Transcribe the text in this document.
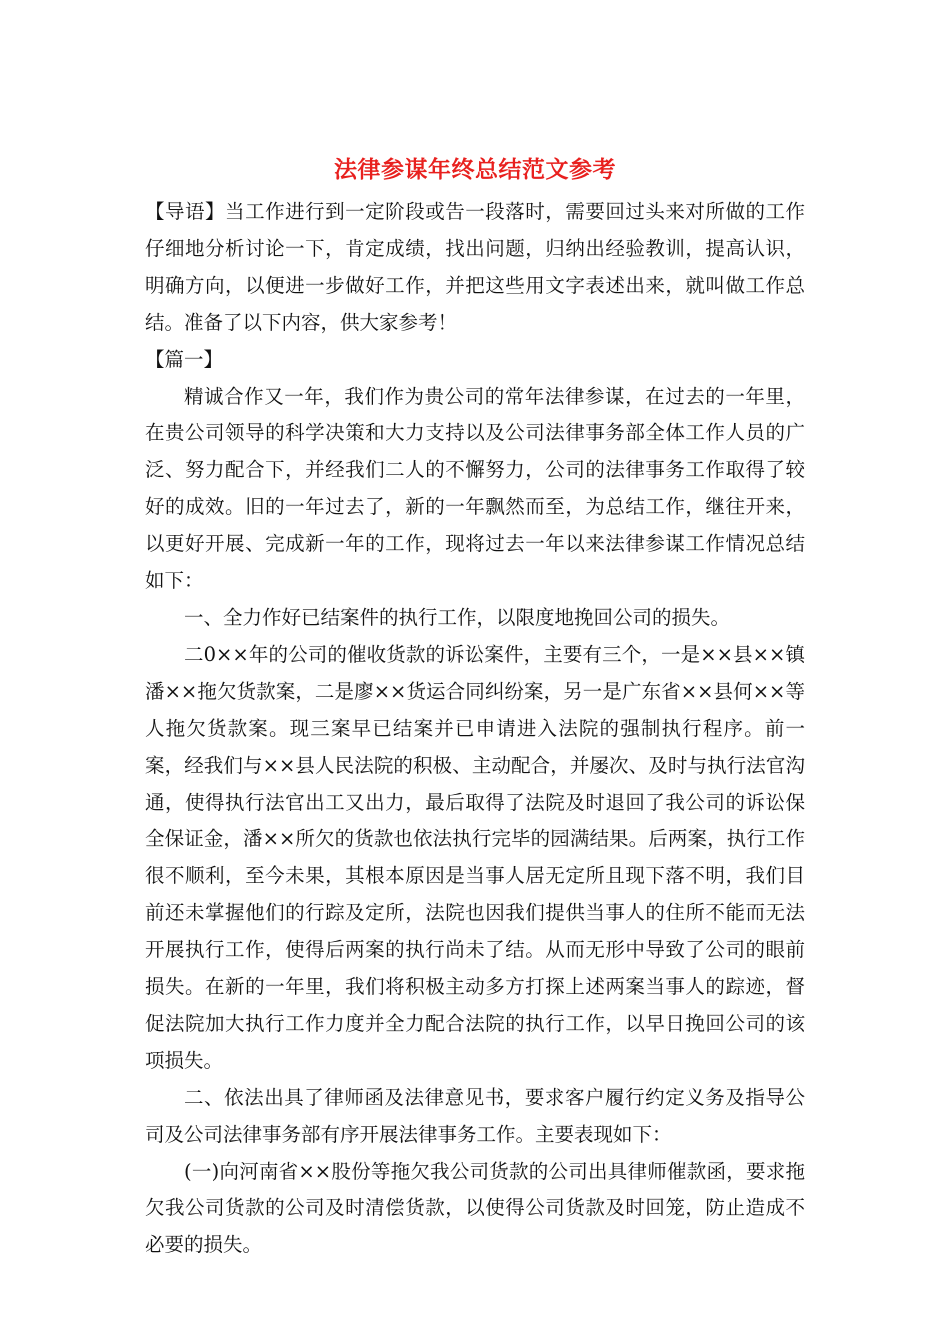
法律参谋年终总结范文参考

【导语】当工作进行到一定阶段或告一段落时，需要回过头来对所做的工作仔细地分析讨论一下，肯定成绩，找出问题，归纳出经验教训，提高认识，明确方向，以便进一步做好工作，并把这些用文字表述出来，就叫做工作总结。准备了以下内容，供大家参考！

【篇一】

精诚合作又一年，我们作为贵公司的常年法律参谋，在过去的一年里，在贵公司领导的科学决策和大力支持以及公司法律事务部全体工作人员的广泛、努力配合下，并经我们二人的不懈努力，公司的法律事务工作取得了较好的成效。旧的一年过去了，新的一年飘然而至，为总结工作，继往开来，以更好开展、完成新一年的工作，现将过去一年以来法律参谋工作情况总结如下：

一、全力作好已结案件的执行工作，以限度地挽回公司的损失。

二0××年的公司的催收货款的诉讼案件，主要有三个，一是××县××镇潘××拖欠货款案，二是廖××货运合同纠纷案，另一是广东省××县何××等人拖欠货款案。现三案早已结案并已申请进入法院的强制执行程序。前一案，经我们与××县人民法院的积极、主动配合，并屡次、及时与执行法官沟通，使得执行法官出工又出力，最后取得了法院及时退回了我公司的诉讼保全保证金，潘××所欠的货款也依法执行完毕的园满结果。后两案，执行工作很不顺利，至今未果，其根本原因是当事人居无定所且现下落不明，我们目前还未掌握他们的行踪及定所，法院也因我们提供当事人的住所不能而无法开展执行工作，使得后两案的执行尚未了结。从而无形中导致了公司的眼前损失。在新的一年里，我们将积极主动多方打探上述两案当事人的踪迹，督促法院加大执行工作力度并全力配合法院的执行工作，以早日挽回公司的该项损失。

二、依法出具了律师函及法律意见书，要求客户履行约定义务及指导公司及公司法律事务部有序开展法律事务工作。主要表现如下：

(一)向河南省××股份等拖欠我公司货款的公司出具律师催款函，要求拖欠我公司货款的公司及时清偿货款，以使得公司货款及时回笼，防止造成不必要的损失。
